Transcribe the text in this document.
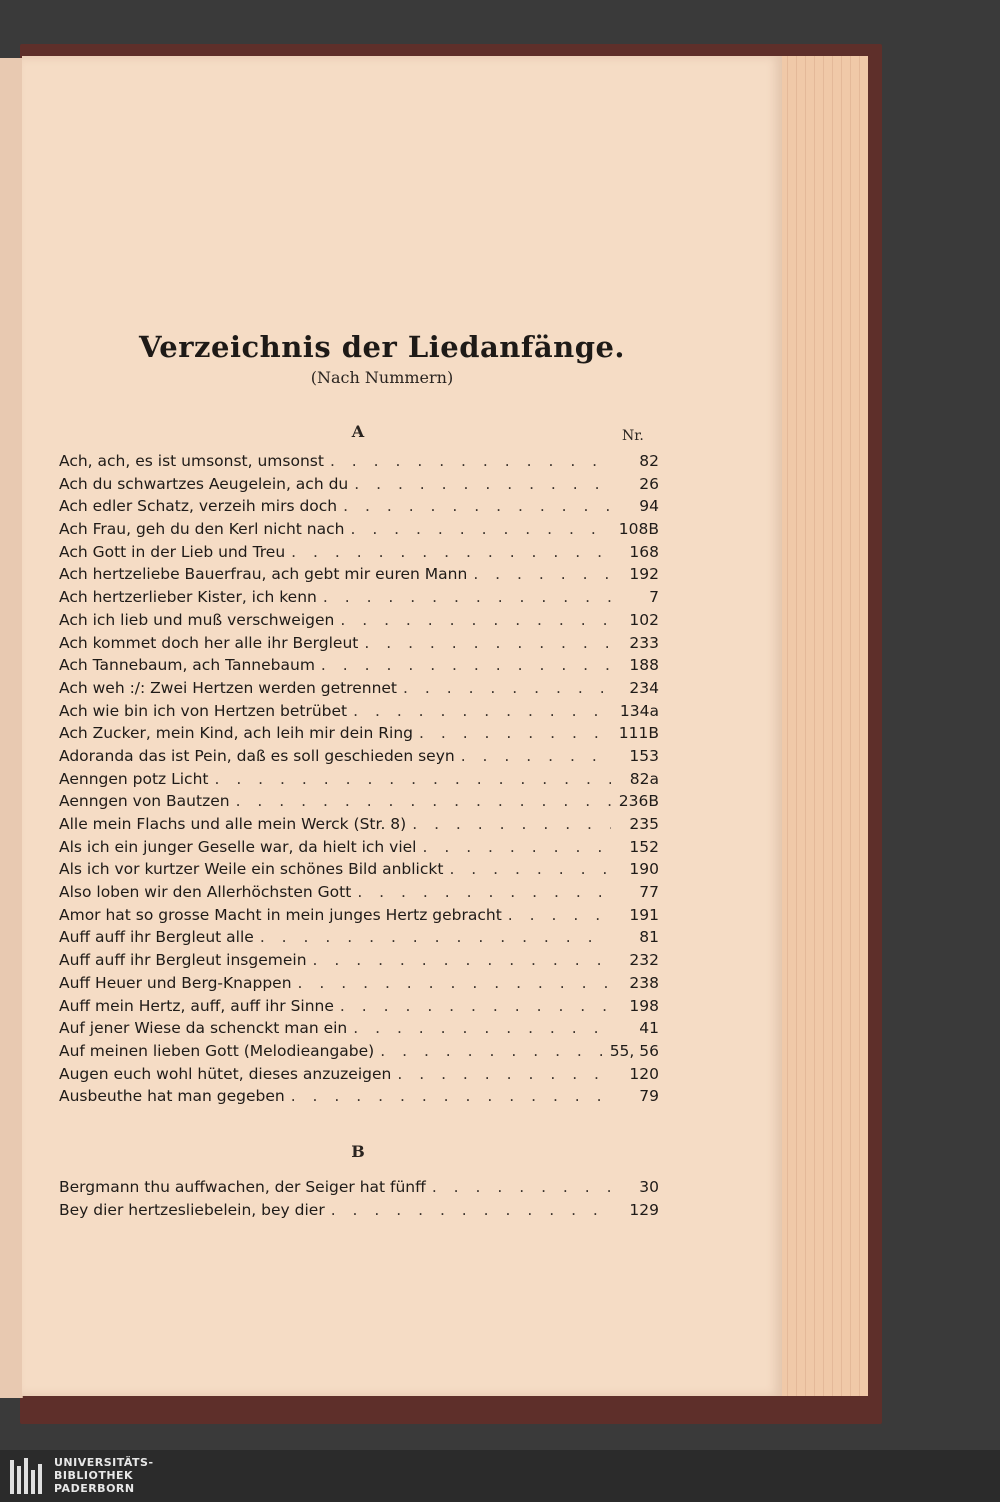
Verzeichnis der Liedanfänge.
(Nach Nummern)
A	Nr.
Ach, ach, es ist umsonst, umsonst . . .	82
Ach du schwartzes Aeugelein, ach du . . .	26
Ach edler Schatz, verzeih mirs doch . . .	94
Ach Frau, geh du den Kerl nicht nach . . .	108B
Ach Gott in der Lieb und Treu . . .	168
Ach hertzeliebe Bauerfrau, ach gebt mir euren Mann . . .	192
Ach hertzerlieber Kister, ich kenn . . .	7
Ach ich lieb und muß verschweigen . . .	102
Ach kommet doch her alle ihr Bergleut . . .	233
Ach Tannebaum, ach Tannebaum . . .	188
Ach weh :/: Zwei Hertzen werden getrennet . . .	234
Ach wie bin ich von Hertzen betrübet . . .	134a
Ach Zucker, mein Kind, ach leih mir dein Ring . . .	111B
Adoranda das ist Pein, daß es soll geschieden seyn . . .	153
Aenngen potz Licht . . .	82a
Aenngen von Bautzen . . .	236B
Alle mein Flachs und alle mein Werck (Str. 8) . . .	235
Als ich ein junger Geselle war, da hielt ich viel . . .	152
Als ich vor kurtzer Weile ein schönes Bild anblickt . . .	190
Also loben wir den Allerhöchsten Gott . . .	77
Amor hat so grosse Macht in mein junges Hertz gebracht . . .	191
Auff auff ihr Bergleut alle . . .	81
Auff auff ihr Bergleut insgemein . . .	232
Auff Heuer und Berg-Knappen . . .	238
Auff mein Hertz, auff, auff ihr Sinne . . .	198
Auf jener Wiese da schenckt man ein . . .	41
Auf meinen lieben Gott (Melodieangabe) . . .	55, 56
Augen euch wohl hütet, dieses anzuzeigen . . .	120
Ausbeuthe hat man gegeben . . .	79
B
Bergmann thu auffwachen, der Seiger hat fünff . . .	30
Bey dier hertzesliebelein, bey dier . . .	129
UNIVERSITÄTS-
BIBLIOTHEK
PADERBORN
